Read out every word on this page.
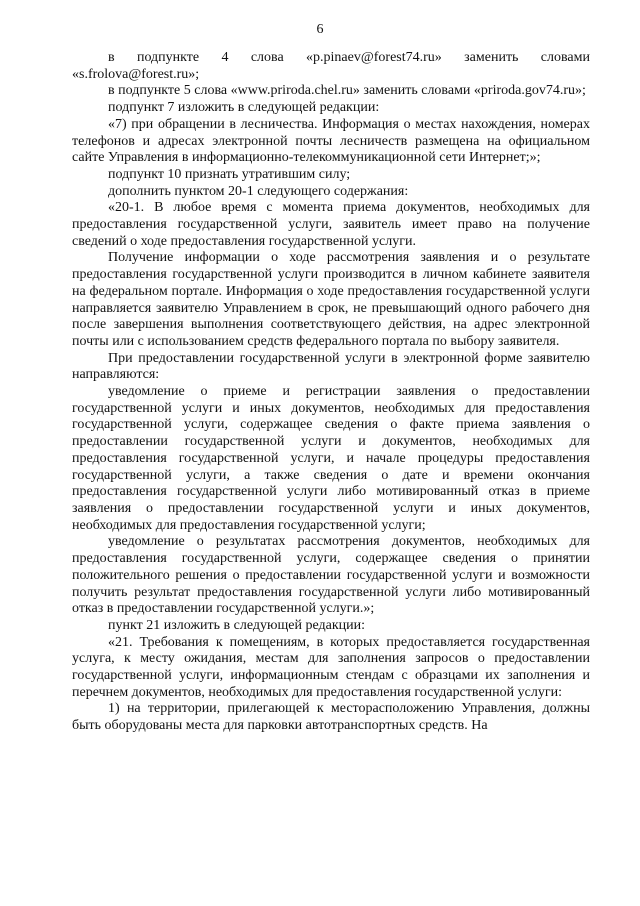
6

в подпункте 4 слова «p.pinaev@forest74.ru» заменить словами «s.frolova@forest.ru»;

в подпункте 5 слова «www.priroda.chel.ru» заменить словами «priroda.gov74.ru»;

подпункт 7 изложить в следующей редакции:

«7) при обращении в лесничества. Информация о местах нахождения, номерах телефонов и адресах электронной почты лесничеств размещена на официальном сайте Управления в информационно-телекоммуникационной сети Интернет;»;

подпункт 10 признать утратившим силу;

дополнить пунктом 20-1 следующего содержания:

«20-1. В любое время с момента приема документов, необходимых для предоставления государственной услуги, заявитель имеет право на получение сведений о ходе предоставления государственной услуги.

Получение информации о ходе рассмотрения заявления и о результате предоставления государственной услуги производится в личном кабинете заявителя на федеральном портале. Информация о ходе предоставления государственной услуги направляется заявителю Управлением в срок, не превышающий одного рабочего дня после завершения выполнения соответствующего действия, на адрес электронной почты или с использованием средств федерального портала по выбору заявителя.

При предоставлении государственной услуги в электронной форме заявителю направляются:

уведомление о приеме и регистрации заявления о предоставлении государственной услуги и иных документов, необходимых для предоставления государственной услуги, содержащее сведения о факте приема заявления о предоставлении государственной услуги и документов, необходимых для предоставления государственной услуги, и начале процедуры предоставления государственной услуги, а также сведения о дате и времени окончания предоставления государственной услуги либо мотивированный отказ в приеме заявления о предоставлении государственной услуги и иных документов, необходимых для предоставления государственной услуги;

уведомление о результатах рассмотрения документов, необходимых для предоставления государственной услуги, содержащее сведения о принятии положительного решения о предоставлении государственной услуги и возможности получить результат предоставления государственной услуги либо мотивированный отказ в предоставлении государственной услуги.»;

пункт 21 изложить в следующей редакции:

«21. Требования к помещениям, в которых предоставляется государственная услуга, к месту ожидания, местам для заполнения запросов о предоставлении государственной услуги, информационным стендам с образцами их заполнения и перечнем документов, необходимых для предоставления государственной услуги:

1) на территории, прилегающей к месторасположению Управления, должны быть оборудованы места для парковки автотранспортных средств. На
